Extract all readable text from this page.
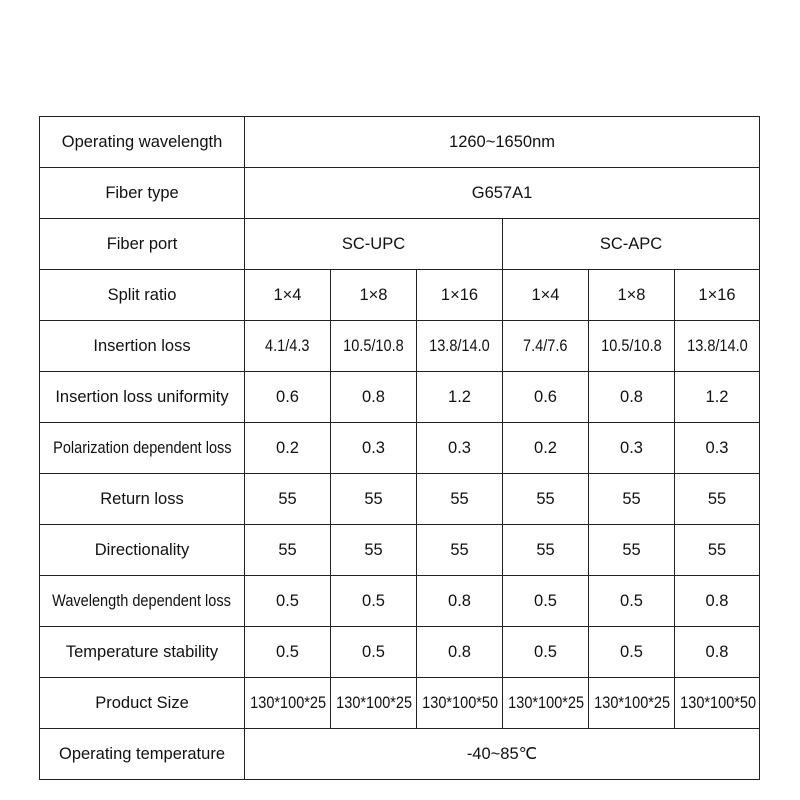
Operating wavelength	1260~1650nm					
Fiber type	G657A1					
Fiber port	SC-UPC			SC-APC		
Split ratio	1×4	1×8	1×16	1×4	1×8	1×16
Insertion loss	4.1/4.3	10.5/10.8	13.8/14.0	7.4/7.6	10.5/10.8	13.8/14.0
Insertion loss uniformity	0.6	0.8	1.2	0.6	0.8	1.2
Polarization dependent loss	0.2	0.3	0.3	0.2	0.3	0.3
Return loss	55	55	55	55	55	55
Directionality	55	55	55	55	55	55
Wavelength dependent loss	0.5	0.5	0.8	0.5	0.5	0.8
Temperature stability	0.5	0.5	0.8	0.5	0.5	0.8
Product Size	130*100*25	130*100*25	130*100*50	130*100*25	130*100*25	130*100*50
Operating temperature	-40~85℃					
